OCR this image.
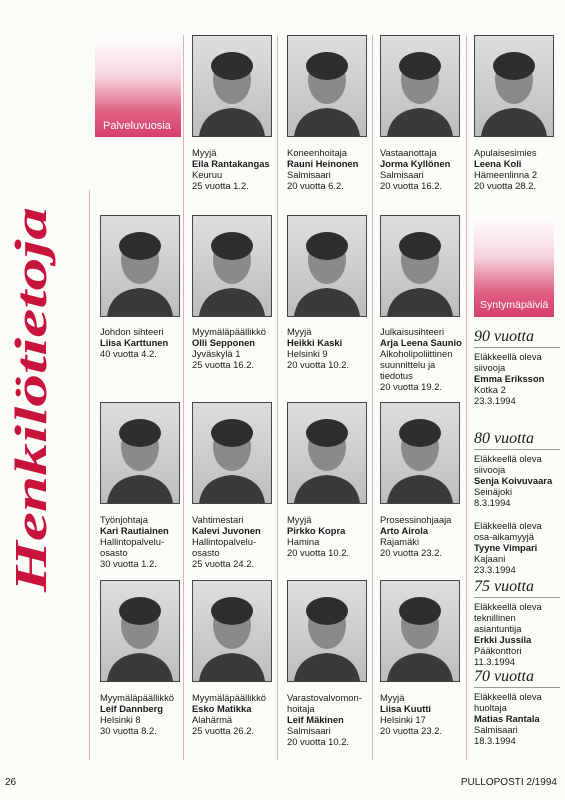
Henkilötietoja
Palveluvuosia
Syntymäpäiviä
Myyjä
Eila Rantakangas
Keuruu
25 vuotta 1.2.
Koneenhoitaja
Rauni Heinonen
Salmisaari
20 vuotta 6.2.
Vastaanottaja
Jorma Kyllönen
Salmisaari
20 vuotta 16.2.
Apulaisesimies
Leena Koli
Hämeenlinna 2
20 vuotta 28.2.
Johdon sihteeri
Liisa Karttunen
40 vuotta 4.2.
Myymäläpäällikkö
Olli Sepponen
Jyväskylä 1
25 vuotta 16.2.
Myyjä
Heikki Kaski
Helsinki 9
20 vuotta 10.2.
Julkaisusihteeri
Arja Leena Saunio
Alkoholipoliittinen
suunnittelu ja
tiedotus
20 vuotta 19.2.
Työnjohtaja
Kari Rautiainen
Hallintopalvelu-
osasto
30 vuotta 1.2.
Vahtimestari
Kalevi Juvonen
Hallintopalvelu-
osasto
25 vuotta 24.2.
Myyjä
Pirkko Kopra
Hamina
20 vuotta 10.2.
Prosessinohjaaja
Arto Airola
Rajamäki
20 vuotta 23.2.
Myymäläpäällikkö
Leif Dannberg
Helsinki 8
30 vuotta 8.2.
Myymäläpäällikkö
Esko Matikka
Alahärmä
25 vuotta 26.2.
Varastovalvomon-
hoitaja
Leif Mäkinen
Salmisaari
20 vuotta 10.2.
Myyjä
Liisa Kuutti
Helsinki 17
20 vuotta 23.2.
90 vuotta
Eläkkeellä oleva
siivooja
Emma Eriksson
Kotka 2
23.3.1994
80 vuotta
Eläkkeellä oleva
siivooja
Senja Koivuvaara
Seinäjoki
8.3.1994
Eläkkeellä oleva
osa-aikamyyjä
Tyyne Vimpari
Kajaani
23.3.1994
75 vuotta
Eläkkeellä oleva
teknillinen
asiantuntija
Erkki Jussila
Pääkonttori
11.3.1994
70 vuotta
Eläkkeellä oleva
huoltaja
Matias Rantala
Salmisaari
18.3.1994
26	PULLOPOSTI 2/1994
